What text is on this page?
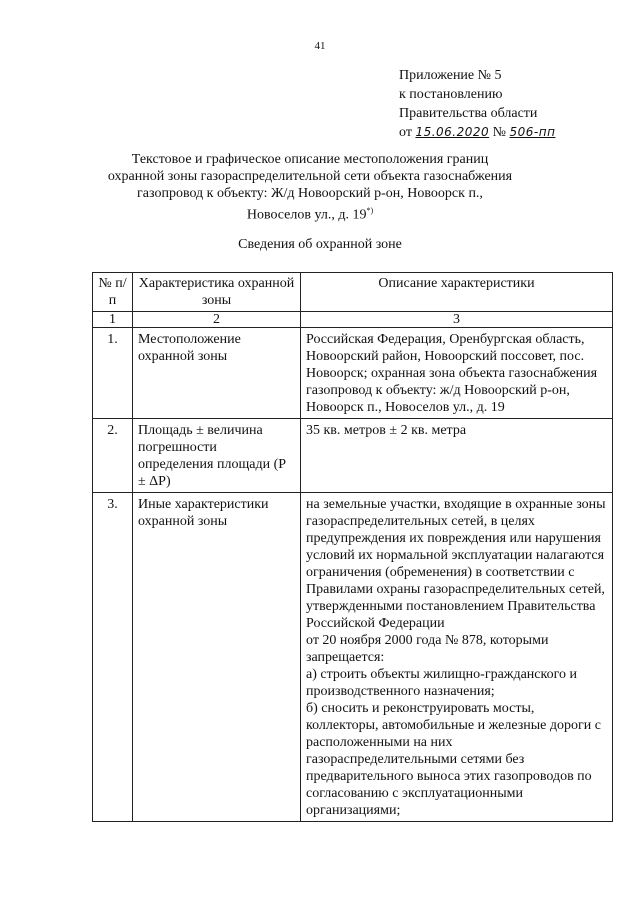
41
Приложение № 5
к постановлению
Правительства области
от 15.06.2020 № 506-пп
Текстовое и графическое описание местоположения границ
охранной зоны газораспределительной сети объекта газоснабжения
газопровод к объекту: Ж/д Новоорский р-он, Новоорск п.,
Новоселов ул., д. 19*)
Сведения об охранной зоне
№ п/п	Характеристика охранной зоны	Описание характеристики
1	2	3
1.	Местоположение охранной зоны	Российская Федерация, Оренбургская область, Новоорский район, Новоорский поссовет, пос. Новоорск; охранная зона объекта газоснабжения газопровод к объекту: ж/д Новоорский р-он, Новоорск п., Новоселов ул., д. 19

2.	Площадь ± величина погрешности определения площади (P ± ΔP)	35 кв. метров ± 2 кв. метра

3.	Иные характеристики охранной зоны	на земельные участки, входящие в охранные зоны газораспределительных сетей, в целях предупреждения их повреждения или нарушения условий их нормальной эксплуатации налагаются ограничения (обременения) в соответствии с Правилами охраны газораспределительных сетей, утвержденными постановлением Правительства Российской Федерации
от 20 ноября 2000 года № 878, которыми запрещается:
а) строить объекты жилищно-гражданского и производственного назначения;
б) сносить и реконструировать мосты, коллекторы, автомобильные и железные дороги с расположенными на них газораспределительными сетями без предварительного выноса этих газопроводов по согласованию с эксплуатационными организациями;
